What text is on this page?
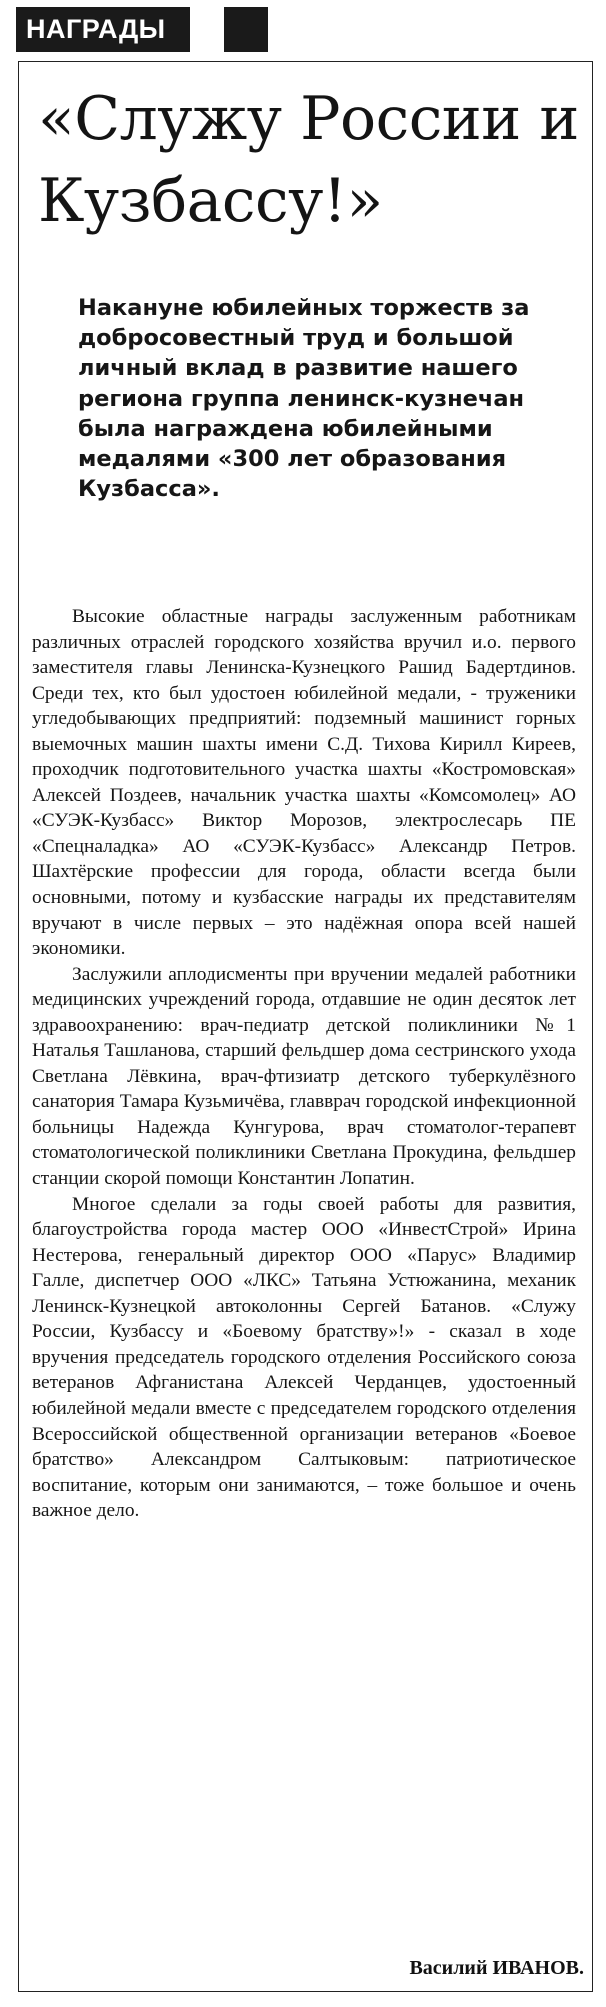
НАГРАДЫ
«Служу России и Кузбассу!»

Накануне юбилейных торжеств за добросовестный труд и большой личный вклад в развитие нашего региона группа ленинск-кузнечан была награждена юбилейными медалями «300 лет образования Кузбасса».

Высокие областные награды заслуженным работникам различных отраслей городского хозяйства вручил и.о. первого заместителя главы Ленинска-Кузнецкого Рашид Бадертдинов. Среди тех, кто был удостоен юбилейной медали, - труженики угледобывающих предприятий: подземный машинист горных выемочных машин шахты имени С.Д. Тихова Кирилл Киреев, проходчик подготовительного участка шахты «Костромовская» Алексей Поздеев, начальник участка шахты «Комсомолец» АО «СУЭК-Кузбасс» Виктор Морозов, электрослесарь ПЕ «Спецналадка» АО «СУЭК-Кузбасс» Александр Петров. Шахтёрские профессии для города, области всегда были основными, потому и кузбасские награды их представителям вручают в числе первых – это надёжная опора всей нашей экономики.

Заслужили аплодисменты при вручении медалей работники медицинских учреждений города, отдавшие не один десяток лет здравоохранению: врач-педиатр детской поликлиники №1 Наталья Ташланова, старший фельдшер дома сестринского ухода Светлана Лёвкина, врач-фтизиатр детского туберкулёзного санатория Тамара Кузьмичёва, главврач городской инфекционной больницы Надежда Кунгурова, врач стоматолог-терапевт стоматологической поликлиники Светлана Прокудина, фельдшер станции скорой помощи Константин Лопатин.

Многое сделали за годы своей работы для развития, благоустройства города мастер ООО «ИнвестСтрой» Ирина Нестерова, генеральный директор ООО «Парус» Владимир Галле, диспетчер ООО «ЛКС» Татьяна Устюжанина, механик Ленинск-Кузнецкой автоколонны Сергей Батанов. «Служу России, Кузбассу и «Боевому братству»!» - сказал в ходе вручения председатель городского отделения Российского союза ветеранов Афганистана Алексей Черданцев, удостоенный юбилейной медали вместе с председателем городского отделения Всероссийской общественной организации ветеранов «Боевое братство» Александром Салтыковым: патриотическое воспитание, которым они занимаются, – тоже большое и очень важное дело.

Василий ИВАНОВ.
